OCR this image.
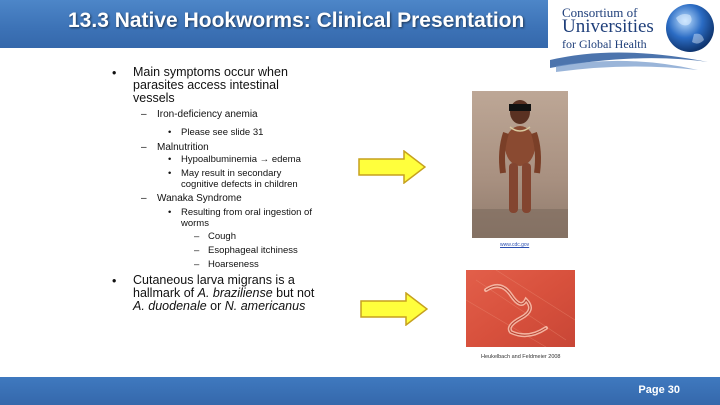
13.3 Native Hookworms: Clinical Presentation	Consortium of
Universities
for Global Health
• Main symptoms occur when
parasites access intestinal
vessels
– Iron-deficiency anemia
• Please see slide 31
– Malnutrition
• Hypoalbuminemia → edema
• May result in secondary
cognitive defects in children
– Wanaka Syndrome
• Resulting from oral ingestion of
worms
– Cough
– Esophageal itchiness
– Hoarseness
• Cutaneous larva migrans is a
hallmark of A. braziliense but not
A. duodenale or N. americanus
www.cdc.gov
Heukelbach and Feldmeier 2008
Page 30
